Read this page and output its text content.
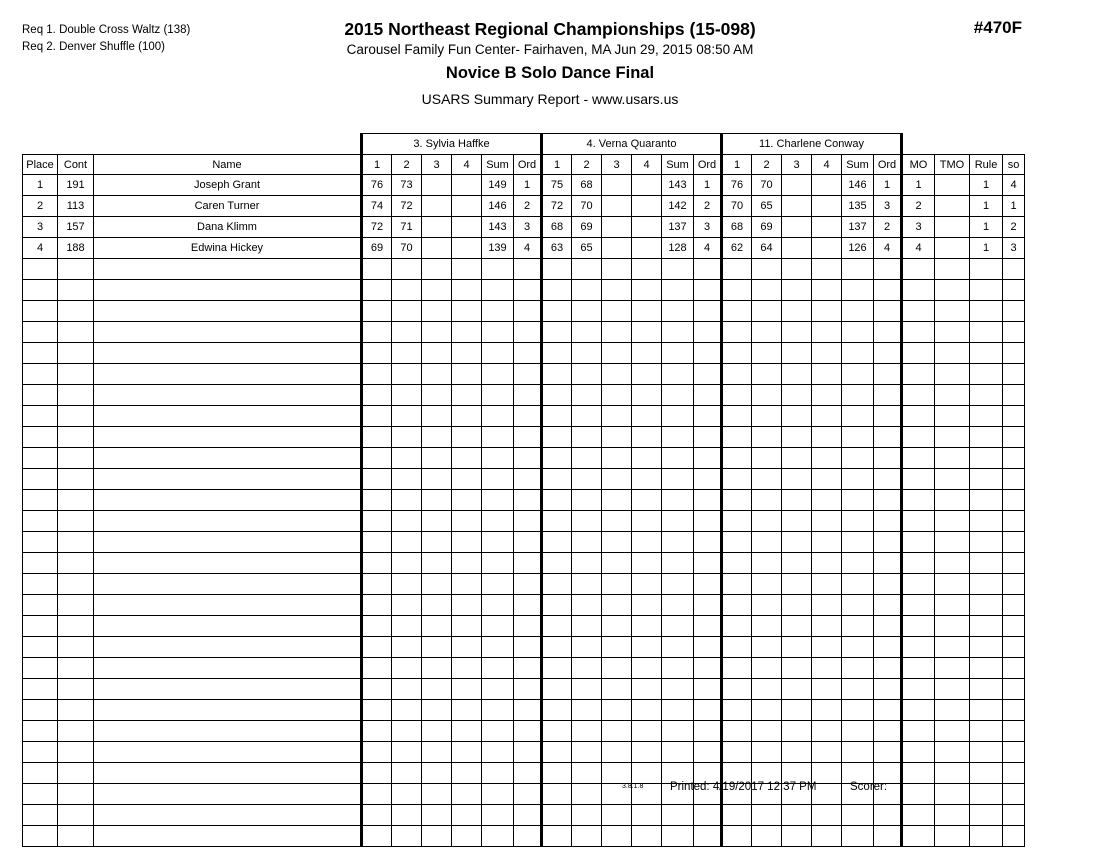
Req 1. Double Cross Waltz (138)
Req 2. Denver Shuffle (100)
2015 Northeast Regional Championships (15-098)
Carousel Family Fun Center- Fairhaven, MA Jun 29, 2015 08:50 AM
Novice B Solo Dance Final
USARS Summary Report - www.usars.us
#470F
			3. Sylvia Haffke						4. Verna Quaranto						11. Charlene Conway									
Place	Cont	Name	1	2	3	4	Sum	Ord	1	2	3	4	Sum	Ord	1	2	3	4	Sum	Ord	MO	TMO	Rule	so
1	191	Joseph Grant	76	73			149	1	75	68			143	1	76	70			146	1	1		1	4
2	113	Caren Turner	74	72			146	2	72	70			142	2	70	65			135	3	2		1	1
3	157	Dana Klimm	72	71			143	3	68	69			137	3	68	69			137	2	3		1	2
4	188	Edwina Hickey	69	70			139	4	63	65			128	4	62	64			126	4	4		1	3

3.8.1.8 Printed: 4/19/2017 12:37 PM	Scorer:
